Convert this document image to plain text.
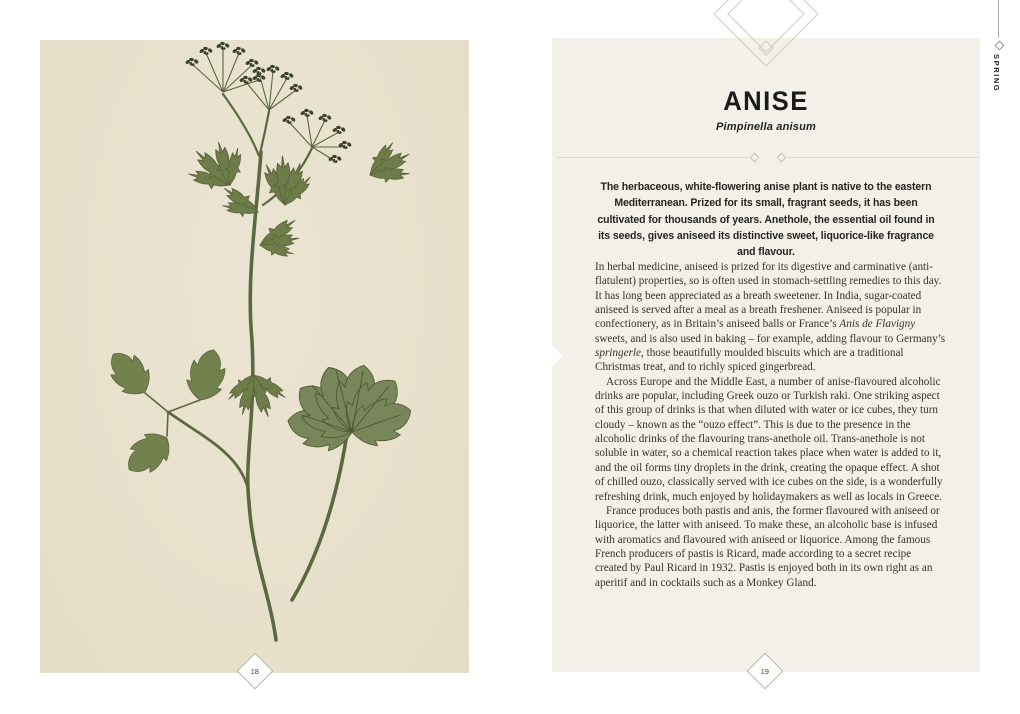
ANISE
Pimpinella anisum

The herbaceous, white-flowering anise plant is native to the eastern Mediterranean. Prized for its small, fragrant seeds, it has been cultivated for thousands of years. Anethole, the essential oil found in its seeds, gives aniseed its distinctive sweet, liquorice-like fragrance and flavour.

In herbal medicine, aniseed is prized for its digestive and carminative (anti-flatulent) properties, so is often used in stomach-settling remedies to this day. It has long been appreciated as a breath sweetener. In India, sugar-coated aniseed is served after a meal as a breath freshener. Aniseed is popular in confectionery, as in Britain’s aniseed balls or France’s Anis de Flavigny sweets, and is also used in baking – for example, adding flavour to Germany’s springerle, those beautifully moulded biscuits which are a traditional Christmas treat, and to richly spiced gingerbread.

Across Europe and the Middle East, a number of anise-flavoured alcoholic drinks are popular, including Greek ouzo or Turkish raki. One striking aspect of this group of drinks is that when diluted with water or ice cubes, they turn cloudy – known as the “ouzo effect”. This is due to the presence in the alcoholic drinks of the flavouring trans-anethole oil. Trans-anethole is not soluble in water, so a chemical reaction takes place when water is added to it, and the oil forms tiny droplets in the drink, creating the opaque effect. A shot of chilled ouzo, classically served with ice cubes on the side, is a wonderfully refreshing drink, much enjoyed by holidaymakers as well as locals in Greece.

France produces both pastis and anis, the former flavoured with aniseed or liquorice, the latter with aniseed. To make these, an alcoholic base is infused with aromatics and flavoured with aniseed or liquorice. Among the famous French producers of pastis is Ricard, made according to a secret recipe created by Paul Ricard in 1932. Pastis is enjoyed both in its own right as an aperitif and in cocktails such as a Monkey Gland.

18	19
SPRING
